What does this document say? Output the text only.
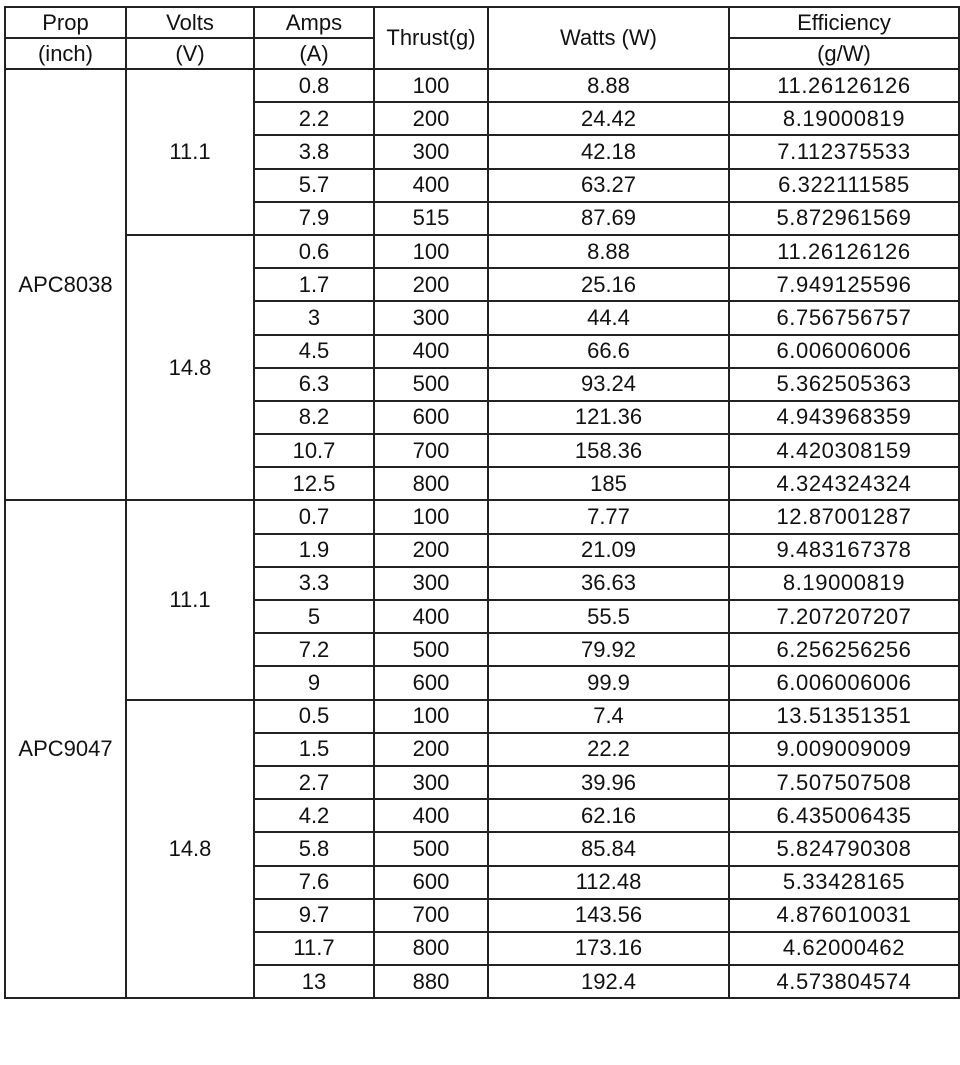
Prop	Volts	Amps	Thrust(g)	Watts (W)	Efficiency
(inch)	(V)	(A)			(g/W)
APC8038	11.1	0.8	100	8.88	11.26126126
		2.2	200	24.42	8.19000819
		3.8	300	42.18	7.112375533
		5.7	400	63.27	6.322111585
		7.9	515	87.69	5.872961569
	14.8	0.6	100	8.88	11.26126126
		1.7	200	25.16	7.949125596
		3	300	44.4	6.756756757
		4.5	400	66.6	6.006006006
		6.3	500	93.24	5.362505363
		8.2	600	121.36	4.943968359
		10.7	700	158.36	4.420308159
		12.5	800	185	4.324324324
APC9047	11.1	0.7	100	7.77	12.87001287
		1.9	200	21.09	9.483167378
		3.3	300	36.63	8.19000819
		5	400	55.5	7.207207207
		7.2	500	79.92	6.256256256
		9	600	99.9	6.006006006
	14.8	0.5	100	7.4	13.51351351
		1.5	200	22.2	9.009009009
		2.7	300	39.96	7.507507508
		4.2	400	62.16	6.435006435
		5.8	500	85.84	5.824790308
		7.6	600	112.48	5.33428165
		9.7	700	143.56	4.876010031
		11.7	800	173.16	4.62000462
		13	880	192.4	4.573804574
